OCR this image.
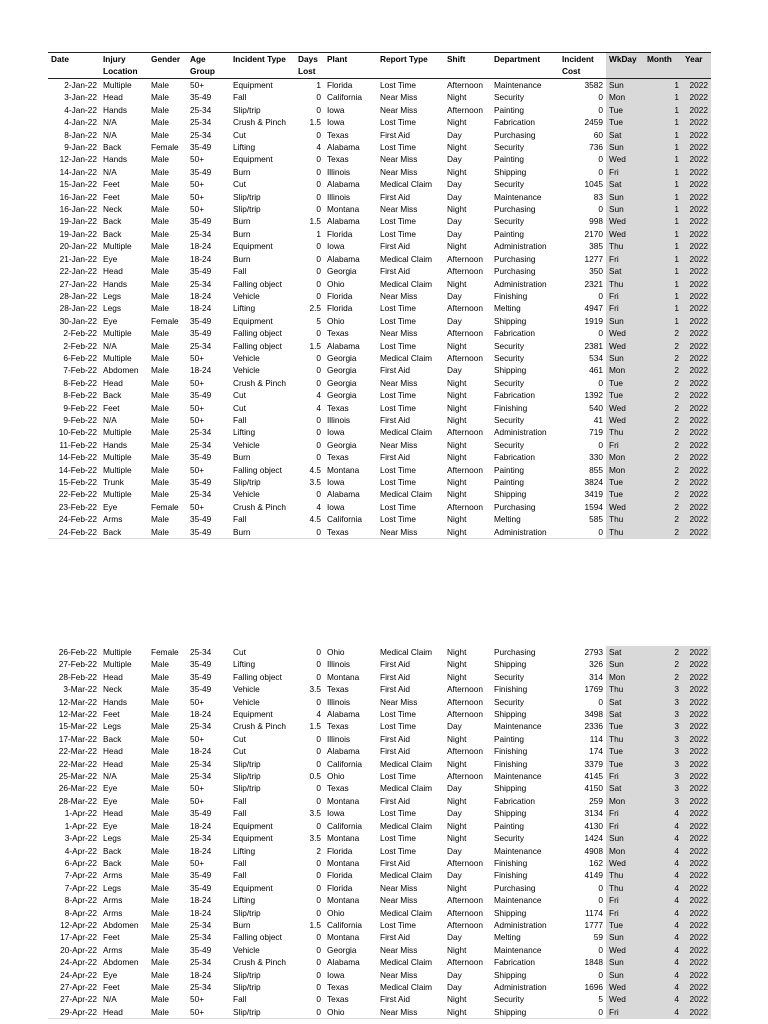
Date	Injury Location	Gender	Age Group	Incident Type	Days Lost	Plant	Report Type	Shift	Department	Incident Cost	WkDay	Month	Year
2-Jan-22	Multiple	Male	50+	Equipment	1	Florida	Lost Time	Afternoon	Maintenance	3582	Sun	1	2022
3-Jan-22	Head	Male	35-49	Fall	0	California	Near Miss	Night	Security	0	Mon	1	2022
4-Jan-22	Hands	Male	25-34	Slip/trip	0	Iowa	Near Miss	Afternoon	Painting	0	Tue	1	2022
4-Jan-22	N/A	Male	25-34	Crush & Pinch	1.5	Iowa	Lost Time	Night	Fabrication	2459	Tue	1	2022
8-Jan-22	N/A	Male	25-34	Cut	0	Texas	First Aid	Day	Purchasing	60	Sat	1	2022
9-Jan-22	Back	Female	35-49	Lifting	4	Alabama	Lost Time	Night	Security	736	Sun	1	2022
12-Jan-22	Hands	Male	50+	Equipment	0	Texas	Near Miss	Day	Painting	0	Wed	1	2022
14-Jan-22	N/A	Male	35-49	Burn	0	Illinois	Near Miss	Night	Shipping	0	Fri	1	2022
15-Jan-22	Feet	Male	50+	Cut	0	Alabama	Medical Claim	Day	Security	1045	Sat	1	2022
16-Jan-22	Feet	Male	50+	Slip/trip	0	Illinois	First Aid	Day	Maintenance	83	Sun	1	2022
16-Jan-22	Neck	Male	50+	Slip/trip	0	Montana	Near Miss	Night	Purchasing	0	Sun	1	2022
19-Jan-22	Back	Male	35-49	Burn	1.5	Alabama	Lost Time	Day	Security	998	Wed	1	2022
19-Jan-22	Back	Male	25-34	Burn	1	Florida	Lost Time	Day	Painting	2170	Wed	1	2022
20-Jan-22	Multiple	Male	18-24	Equipment	0	Iowa	First Aid	Night	Administration	385	Thu	1	2022
21-Jan-22	Eye	Male	18-24	Burn	0	Alabama	Medical Claim	Afternoon	Purchasing	1277	Fri	1	2022
22-Jan-22	Head	Male	35-49	Fall	0	Georgia	First Aid	Afternoon	Purchasing	350	Sat	1	2022
27-Jan-22	Hands	Male	25-34	Falling object	0	Ohio	Medical Claim	Night	Administration	2321	Thu	1	2022
28-Jan-22	Legs	Male	18-24	Vehicle	0	Florida	Near Miss	Day	Finishing	0	Fri	1	2022
28-Jan-22	Legs	Male	18-24	Lifting	2.5	Florida	Lost Time	Afternoon	Melting	4947	Fri	1	2022
30-Jan-22	Eye	Female	35-49	Equipment	5	Ohio	Lost Time	Day	Shipping	1919	Sun	1	2022
2-Feb-22	Multiple	Male	35-49	Falling object	0	Texas	Near Miss	Afternoon	Fabrication	0	Wed	2	2022
2-Feb-22	N/A	Male	25-34	Falling object	1.5	Alabama	Lost Time	Night	Security	2381	Wed	2	2022
6-Feb-22	Multiple	Male	50+	Vehicle	0	Georgia	Medical Claim	Afternoon	Security	534	Sun	2	2022
7-Feb-22	Abdomen	Male	18-24	Vehicle	0	Georgia	First Aid	Day	Shipping	461	Mon	2	2022
8-Feb-22	Head	Male	50+	Crush & Pinch	0	Georgia	Near Miss	Night	Security	0	Tue	2	2022
8-Feb-22	Back	Male	35-49	Cut	4	Georgia	Lost Time	Night	Fabrication	1392	Tue	2	2022
9-Feb-22	Feet	Male	50+	Cut	4	Texas	Lost Time	Night	Finishing	540	Wed	2	2022
9-Feb-22	N/A	Male	50+	Fall	0	Illinois	First Aid	Night	Security	41	Wed	2	2022
10-Feb-22	Multiple	Male	25-34	Lifting	0	Iowa	Medical Claim	Afternoon	Administration	719	Thu	2	2022
11-Feb-22	Hands	Male	25-34	Vehicle	0	Georgia	Near Miss	Night	Security	0	Fri	2	2022
14-Feb-22	Multiple	Male	35-49	Burn	0	Texas	First Aid	Night	Fabrication	330	Mon	2	2022
14-Feb-22	Multiple	Male	50+	Falling object	4.5	Montana	Lost Time	Afternoon	Painting	855	Mon	2	2022
15-Feb-22	Trunk	Male	35-49	Slip/trip	3.5	Iowa	Lost Time	Night	Painting	3824	Tue	2	2022
22-Feb-22	Multiple	Male	25-34	Vehicle	0	Alabama	Medical Claim	Night	Shipping	3419	Tue	2	2022
23-Feb-22	Eye	Female	50+	Crush & Pinch	4	Iowa	Lost Time	Afternoon	Purchasing	1594	Wed	2	2022
24-Feb-22	Arms	Male	35-49	Fall	4.5	California	Lost Time	Night	Melting	585	Thu	2	2022
24-Feb-22	Back	Male	35-49	Burn	0	Texas	Near Miss	Night	Administration	0	Thu	2	2022
26-Feb-22	Multiple	Female	25-34	Cut	0	Ohio	Medical Claim	Night	Purchasing	2793	Sat	2	2022
27-Feb-22	Multiple	Male	35-49	Lifting	0	Illinois	First Aid	Night	Shipping	326	Sun	2	2022
28-Feb-22	Head	Male	35-49	Falling object	0	Montana	First Aid	Night	Security	314	Mon	2	2022
3-Mar-22	Neck	Male	35-49	Vehicle	3.5	Texas	First Aid	Afternoon	Finishing	1769	Thu	3	2022
12-Mar-22	Hands	Male	50+	Vehicle	0	Illinois	Near Miss	Afternoon	Security	0	Sat	3	2022
12-Mar-22	Feet	Male	18-24	Equipment	4	Alabama	Lost Time	Afternoon	Shipping	3498	Sat	3	2022
15-Mar-22	Legs	Male	25-34	Crush & Pinch	1.5	Texas	Lost Time	Day	Maintenance	2336	Tue	3	2022
17-Mar-22	Back	Male	50+	Cut	0	Illinois	First Aid	Night	Painting	114	Thu	3	2022
22-Mar-22	Head	Male	18-24	Cut	0	Alabama	First Aid	Afternoon	Finishing	174	Tue	3	2022
22-Mar-22	Head	Male	25-34	Slip/trip	0	California	Medical Claim	Night	Finishing	3379	Tue	3	2022
25-Mar-22	N/A	Male	25-34	Slip/trip	0.5	Ohio	Lost Time	Afternoon	Maintenance	4145	Fri	3	2022
26-Mar-22	Eye	Male	50+	Slip/trip	0	Texas	Medical Claim	Day	Shipping	4150	Sat	3	2022
28-Mar-22	Eye	Male	50+	Fall	0	Montana	First Aid	Night	Fabrication	259	Mon	3	2022
1-Apr-22	Head	Male	35-49	Fall	3.5	Iowa	Lost Time	Day	Shipping	3134	Fri	4	2022
1-Apr-22	Eye	Male	18-24	Equipment	0	California	Medical Claim	Night	Painting	4130	Fri	4	2022
3-Apr-22	Legs	Male	25-34	Equipment	3.5	Montana	Lost Time	Night	Security	1424	Sun	4	2022
4-Apr-22	Back	Male	18-24	Lifting	2	Florida	Lost Time	Day	Maintenance	4908	Mon	4	2022
6-Apr-22	Back	Male	50+	Fall	0	Montana	First Aid	Afternoon	Finishing	162	Wed	4	2022
7-Apr-22	Arms	Male	35-49	Fall	0	Florida	Medical Claim	Day	Finishing	4149	Thu	4	2022
7-Apr-22	Legs	Male	35-49	Equipment	0	Florida	Near Miss	Night	Purchasing	0	Thu	4	2022
8-Apr-22	Arms	Male	18-24	Lifting	0	Montana	Near Miss	Afternoon	Maintenance	0	Fri	4	2022
8-Apr-22	Arms	Male	18-24	Slip/trip	0	Ohio	Medical Claim	Afternoon	Shipping	1174	Fri	4	2022
12-Apr-22	Abdomen	Male	25-34	Burn	1.5	California	Lost Time	Afternoon	Administration	1777	Tue	4	2022
17-Apr-22	Feet	Male	25-34	Falling object	0	Montana	First Aid	Day	Melting	59	Sun	4	2022
20-Apr-22	Arms	Male	35-49	Vehicle	0	Georgia	Near Miss	Night	Maintenance	0	Wed	4	2022
24-Apr-22	Abdomen	Male	25-34	Crush & Pinch	0	Alabama	Medical Claim	Afternoon	Fabrication	1848	Sun	4	2022
24-Apr-22	Eye	Male	18-24	Slip/trip	0	Iowa	Near Miss	Day	Shipping	0	Sun	4	2022
27-Apr-22	Feet	Male	25-34	Slip/trip	0	Texas	Medical Claim	Day	Administration	1696	Wed	4	2022
27-Apr-22	N/A	Male	50+	Fall	0	Texas	First Aid	Night	Security	5	Wed	4	2022
29-Apr-22	Head	Male	50+	Slip/trip	0	Ohio	Near Miss	Night	Shipping	0	Fri	4	2022
